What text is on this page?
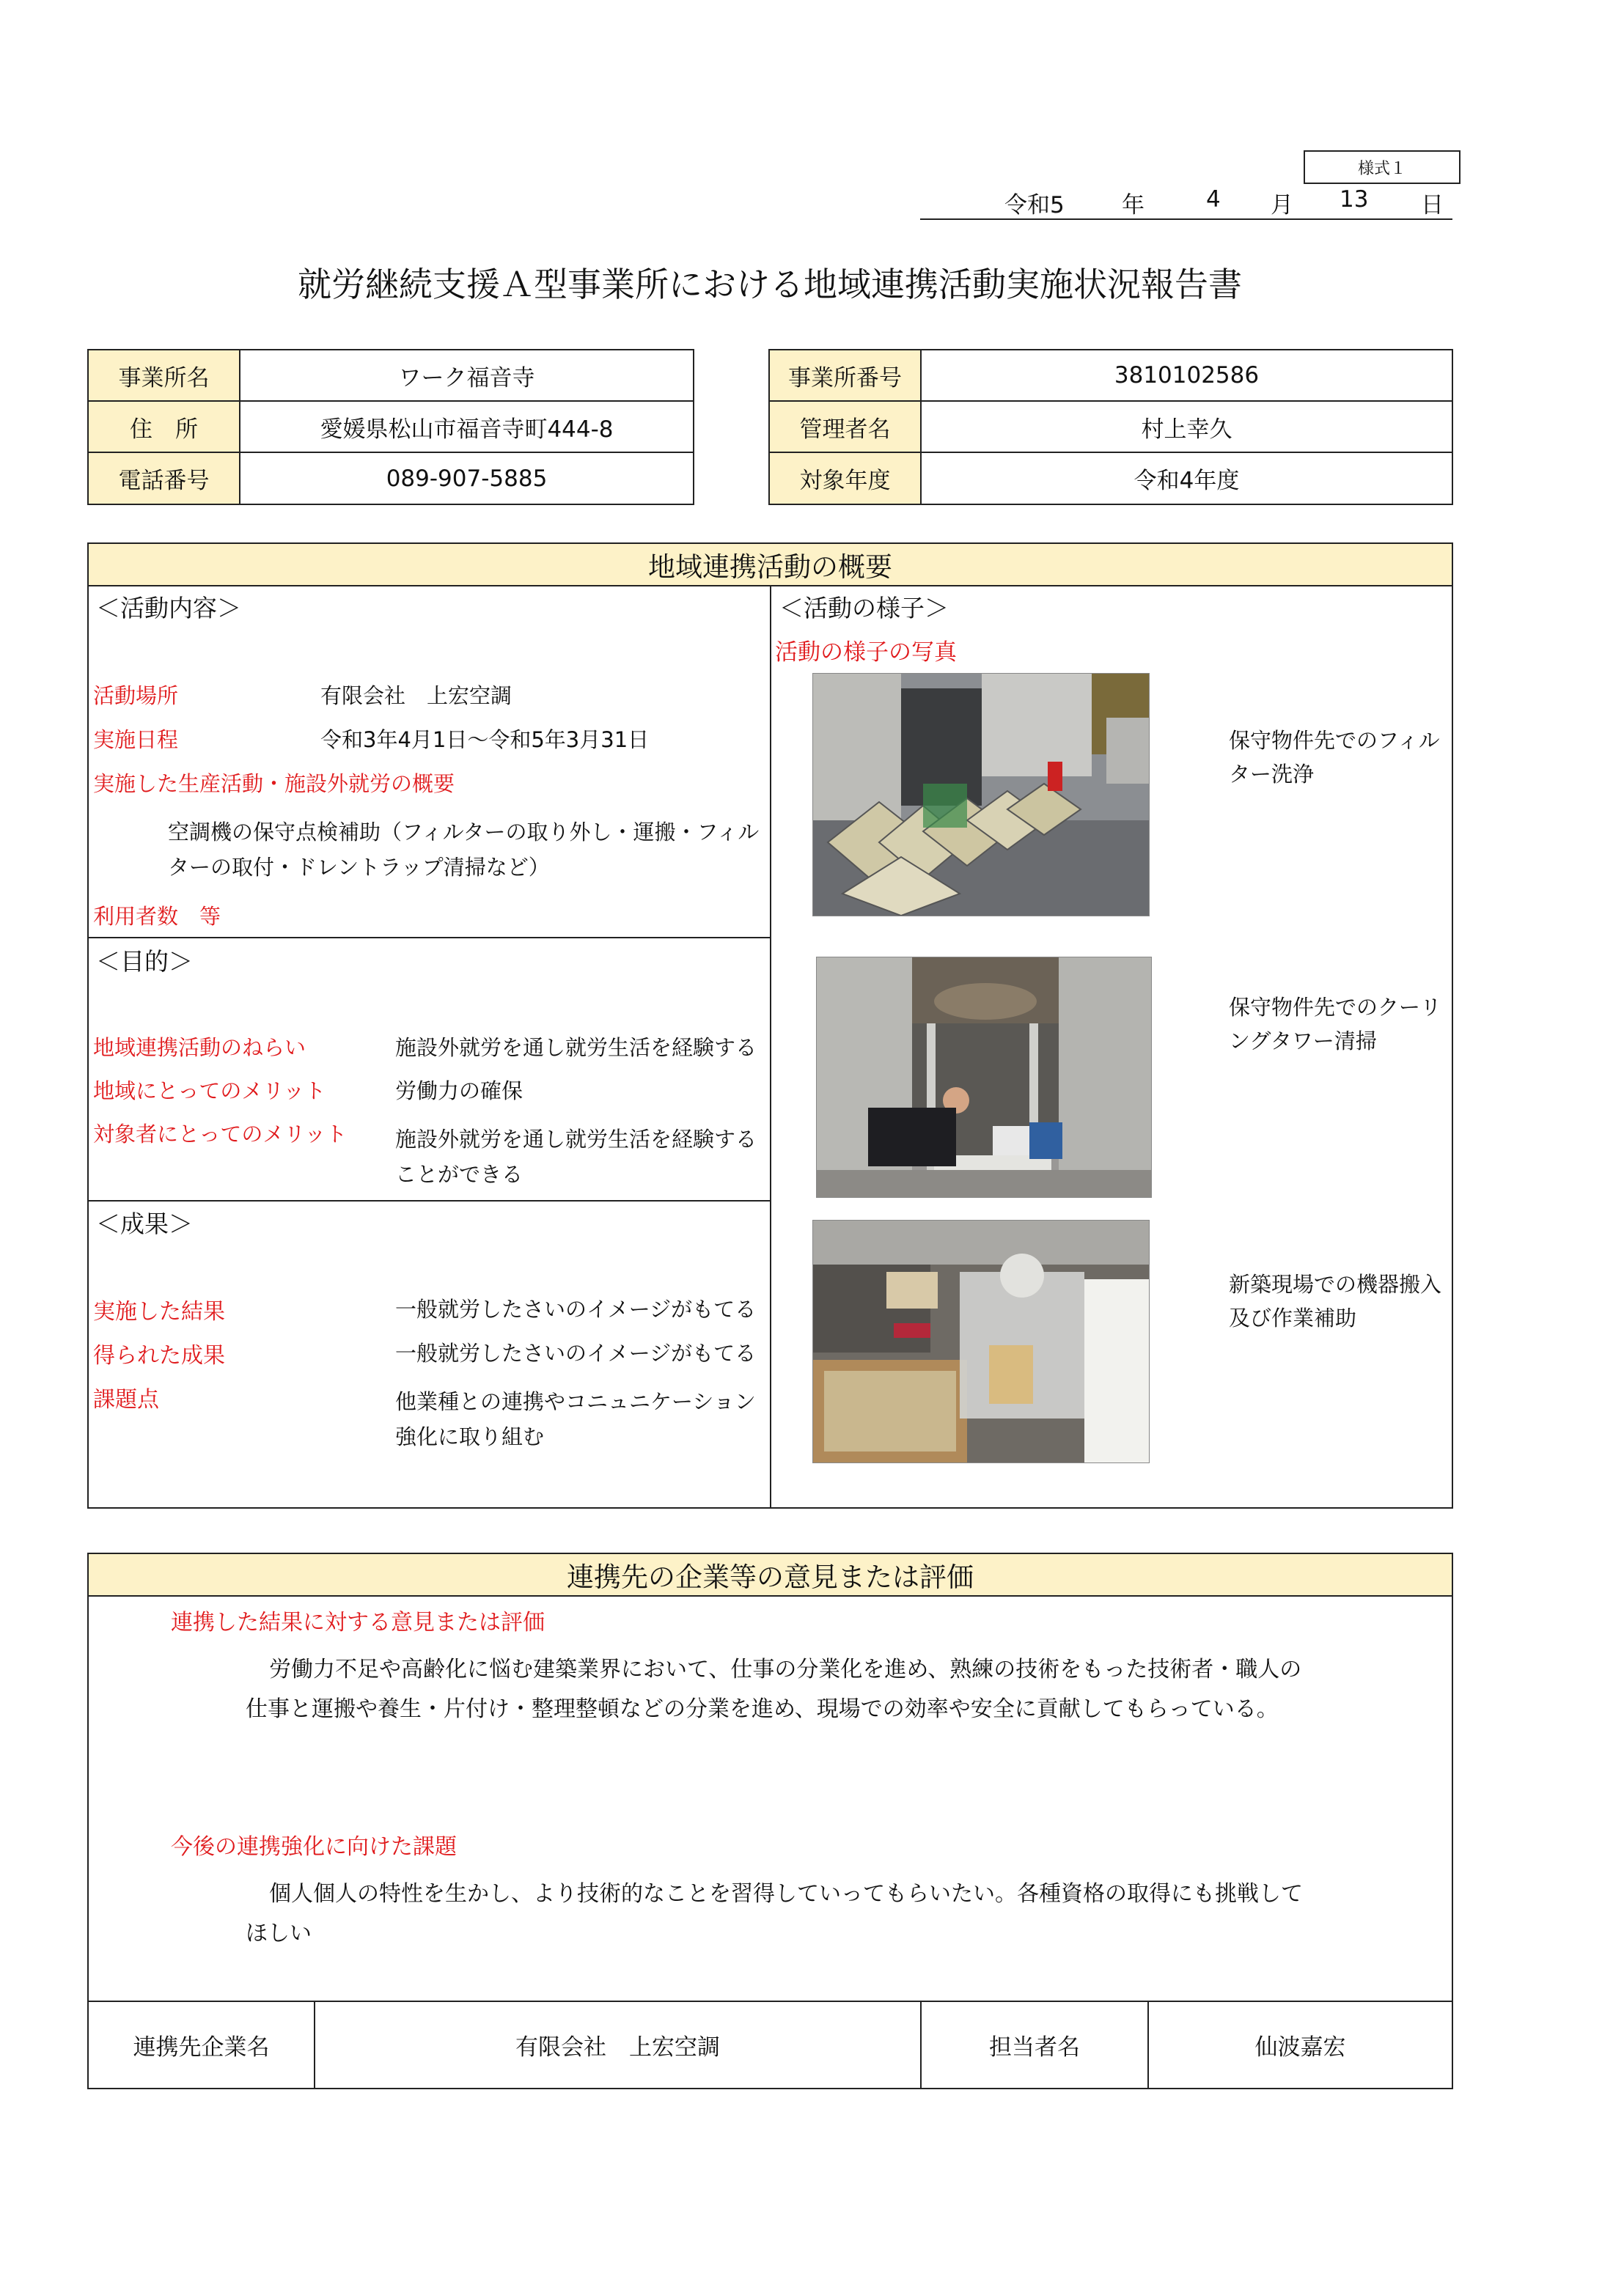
様式１
令和5	年	4 月 13 日
就労継続支援Ａ型事業所における地域連携活動実施状況報告書
事業所名	ワーク福音寺
住　所	愛媛県松山市福音寺町444-8
電話番号	089-907-5885
事業所番号	3810102586
管理者名	村上幸久
対象年度	令和4年度
地域連携活動の概要
＜活動内容＞
活動場所	有限会社　上宏空調
実施日程	令和3年4月1日～令和5年3月31日
実施した生産活動・施設外就労の概要
空調機の保守点検補助（フィルターの取り外し・運搬・フィル
ターの取付・ドレントラップ清掃など）
利用者数　等
＜目的＞
地域連携活動のねらい	施設外就労を通し就労生活を経験する
地域にとってのメリット	労働力の確保
対象者にとってのメリット 施設外就労を通し就労生活を経験する
ことができる
＜成果＞
実施した結果	一般就労したさいのイメージがもてる
得られた成果	一般就労したさいのイメージがもてる
課題点	他業種との連携やコニュニケーション
強化に取り組む
＜活動の様子＞
活動の様子の写真
保守物件先でのフィル
ター洗浄
保守物件先でのクーリ
ングタワー清掃
新築現場での機器搬入
及び作業補助
連携先の企業等の意見または評価
連携した結果に対する意見または評価
労働力不足や高齢化に悩む建築業界において、仕事の分業化を進め、熟練の技術をもった技術者・職人の
仕事と運搬や養生・片付け・整理整頓などの分業を進め、現場での効率や安全に貢献してもらっている。
今後の連携強化に向けた課題
個人個人の特性を生かし、より技術的なことを習得していってもらいたい。各種資格の取得にも挑戦して
ほしい
連携先企業名	有限会社　上宏空調	担当者名	仙波嘉宏
